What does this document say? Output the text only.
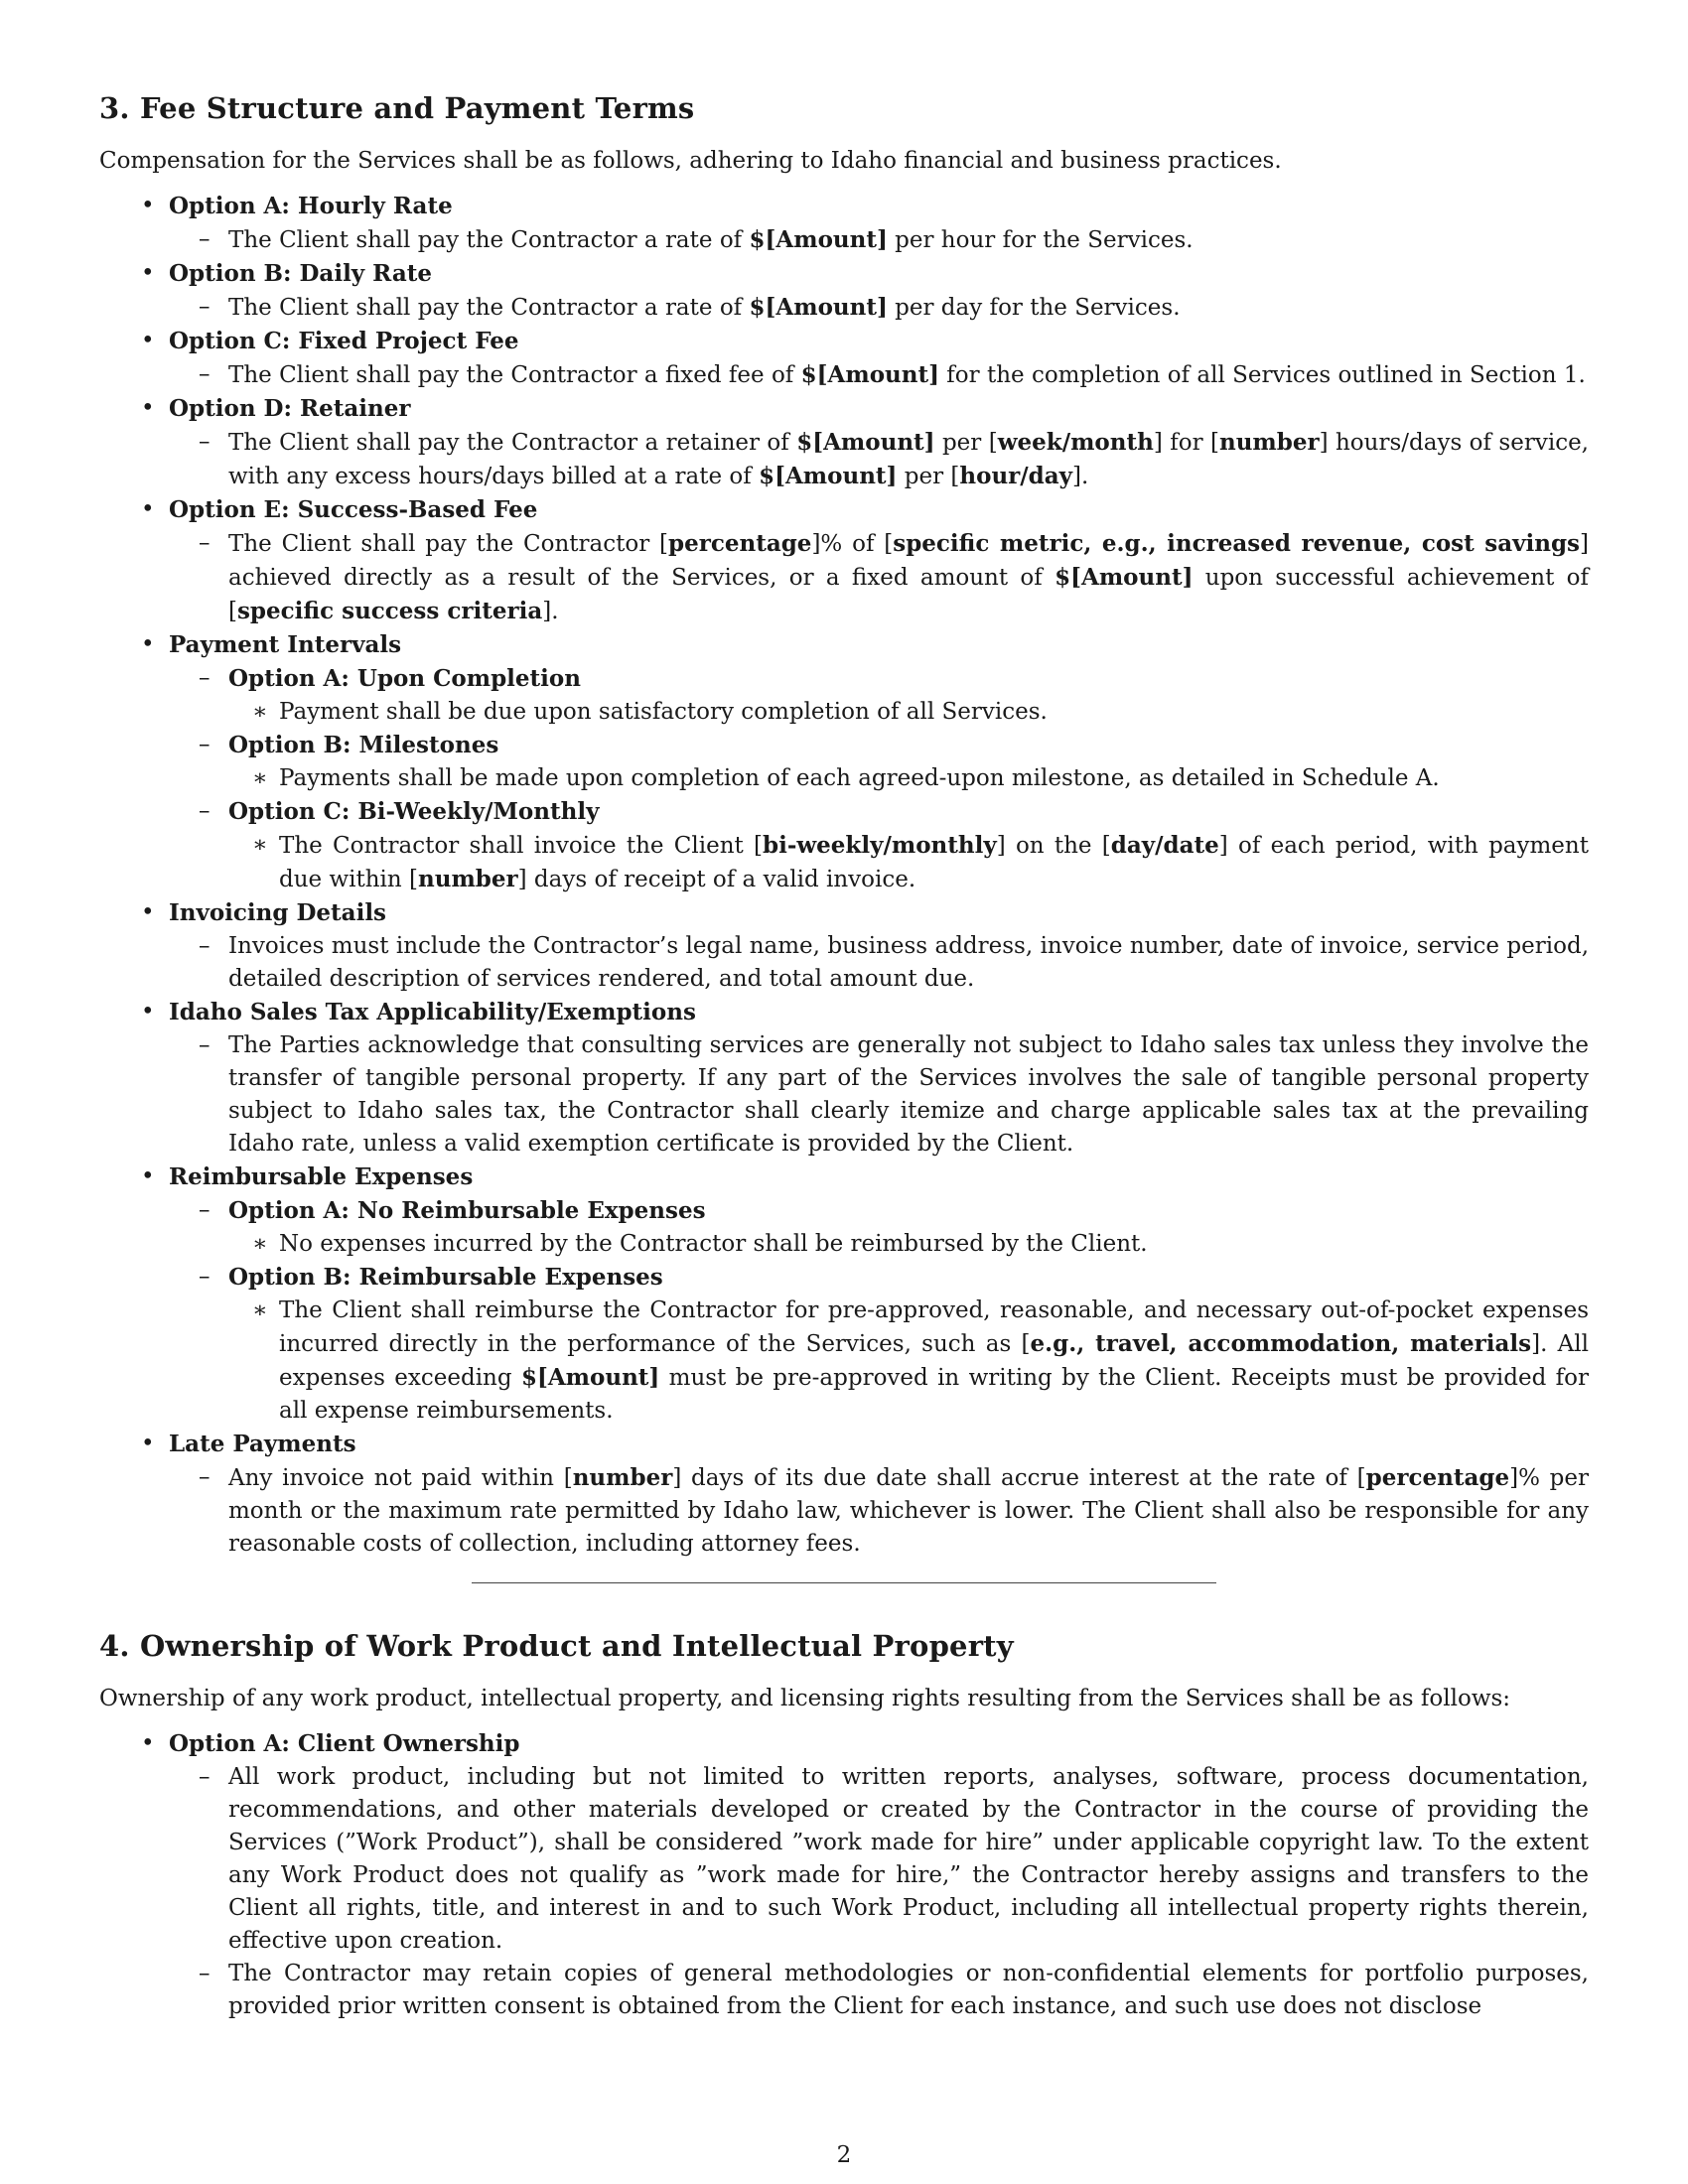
3. Fee Structure and Payment Terms

Compensation for the Services shall be as follows, adhering to Idaho financial and business practices.

• Option A: Hourly Rate
– The Client shall pay the Contractor a rate of $[Amount] per hour for the Services.
• Option B: Daily Rate
– The Client shall pay the Contractor a rate of $[Amount] per day for the Services.
• Option C: Fixed Project Fee
– The Client shall pay the Contractor a fixed fee of $[Amount] for the completion of all Services outlined in Section 1.
• Option D: Retainer
– The Client shall pay the Contractor a retainer of $[Amount] per [week/month] for [number] hours/days of service, with any excess hours/days billed at a rate of $[Amount] per [hour/day].
• Option E: Success-Based Fee
– The Client shall pay the Contractor [percentage]% of [specific metric, e.g., increased revenue, cost savings] achieved directly as a result of the Services, or a fixed amount of $[Amount] upon successful achievement of [specific success criteria].
• Payment Intervals
– Option A: Upon Completion
∗ Payment shall be due upon satisfactory completion of all Services.
– Option B: Milestones
∗ Payments shall be made upon completion of each agreed-upon milestone, as detailed in Schedule A.
– Option C: Bi-Weekly/Monthly
∗ The Contractor shall invoice the Client [bi-weekly/monthly] on the [day/date] of each period, with payment due within [number] days of receipt of a valid invoice.
• Invoicing Details
– Invoices must include the Contractor’s legal name, business address, invoice number, date of invoice, service period, detailed description of services rendered, and total amount due.
• Idaho Sales Tax Applicability/Exemptions
– The Parties acknowledge that consulting services are generally not subject to Idaho sales tax unless they involve the transfer of tangible personal property. If any part of the Services involves the sale of tangible personal property subject to Idaho sales tax, the Contractor shall clearly itemize and charge applicable sales tax at the prevailing Idaho rate, unless a valid exemption certificate is provided by the Client.
• Reimbursable Expenses
– Option A: No Reimbursable Expenses
∗ No expenses incurred by the Contractor shall be reimbursed by the Client.
– Option B: Reimbursable Expenses
∗ The Client shall reimburse the Contractor for pre-approved, reasonable, and necessary out-of-pocket expenses incurred directly in the performance of the Services, such as [e.g., travel, accommodation, materials]. All expenses exceeding $[Amount] must be pre-approved in writing by the Client. Receipts must be provided for all expense reimbursements.
• Late Payments
– Any invoice not paid within [number] days of its due date shall accrue interest at the rate of [percentage]% per month or the maximum rate permitted by Idaho law, whichever is lower. The Client shall also be responsible for any reasonable costs of collection, including attorney fees.
4. Ownership of Work Product and Intellectual Property

Ownership of any work product, intellectual property, and licensing rights resulting from the Services shall be as follows:

• Option A: Client Ownership
– All work product, including but not limited to written reports, analyses, software, process documentation, recommendations, and other materials developed or created by the Contractor in the course of providing the Services (”Work Product”), shall be considered ”work made for hire” under applicable copyright law. To the extent any Work Product does not qualify as ”work made for hire,” the Contractor hereby assigns and transfers to the Client all rights, title, and interest in and to such Work Product, including all intellectual property rights therein, effective upon creation.
– The Contractor may retain copies of general methodologies or non-confidential elements for portfolio purposes, provided prior written consent is obtained from the Client for each instance, and such use does not disclose
2
